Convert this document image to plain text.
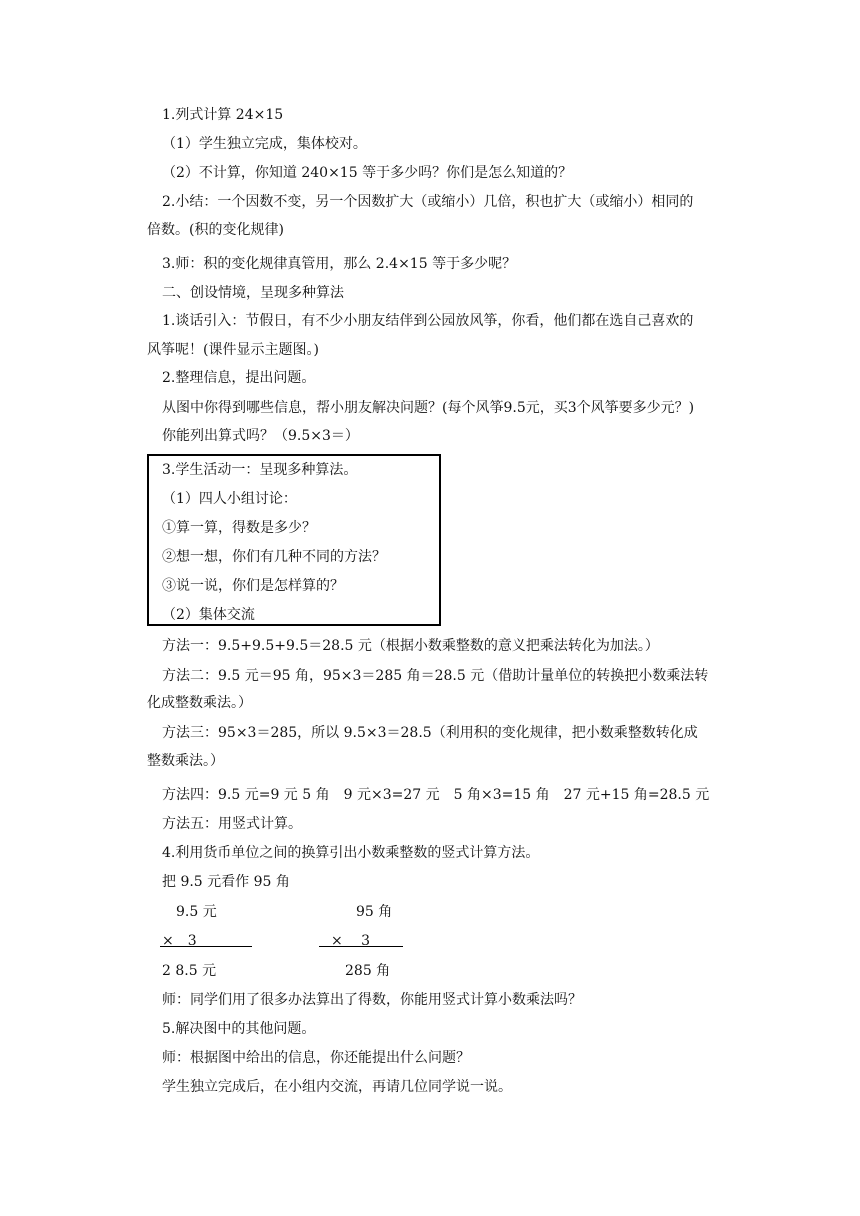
1.列式计算 24×15
（1）学生独立完成，集体校对。
（2）不计算，你知道 240×15 等于多少吗？你们是怎么知道的？
2.小结：一个因数不变，另一个因数扩大（或缩小）几倍，积也扩大（或缩小）相同的
倍数。(积的变化规律)
3.师：积的变化规律真管用，那么 2.4×15 等于多少呢？
二、创设情境，呈现多种算法
1.谈话引入：节假日，有不少小朋友结伴到公园放风筝，你看，他们都在选自己喜欢的
风筝呢！(课件显示主题图。)
2.整理信息，提出问题。
从图中你得到哪些信息，帮小朋友解决问题？(每个风筝9.5元，买3个风筝要多少元？)
你能列出算式吗？（9.5×3＝）
3.学生活动一：呈现多种算法。
（1）四人小组讨论：
①算一算，得数是多少？
②想一想，你们有几种不同的方法？
③说一说，你们是怎样算的？
（2）集体交流
方法一：9.5+9.5+9.5＝28.5 元（根据小数乘整数的意义把乘法转化为加法。）
方法二：9.5 元＝95 角，95×3＝285 角＝28.5 元（借助计量单位的转换把小数乘法转
化成整数乘法。）
方法三：95×3＝285，所以 9.5×3＝28.5（利用积的变化规律，把小数乘整数转化成
整数乘法。）
方法四：9.5 元=9 元 5 角　9 元×3=27 元　5 角×3=15 角　27 元+15 角=28.5 元
方法五：用竖式计算。
4.利用货币单位之间的换算引出小数乘整数的竖式计算方法。
把 9.5 元看作 95 角
9.5 元
×　3
2 8.5 元
95 角
×　 3
285 角
师：同学们用了很多办法算出了得数，你能用竖式计算小数乘法吗？
5.解决图中的其他问题。
师：根据图中给出的信息，你还能提出什么问题？
学生独立完成后，在小组内交流，再请几位同学说一说。
